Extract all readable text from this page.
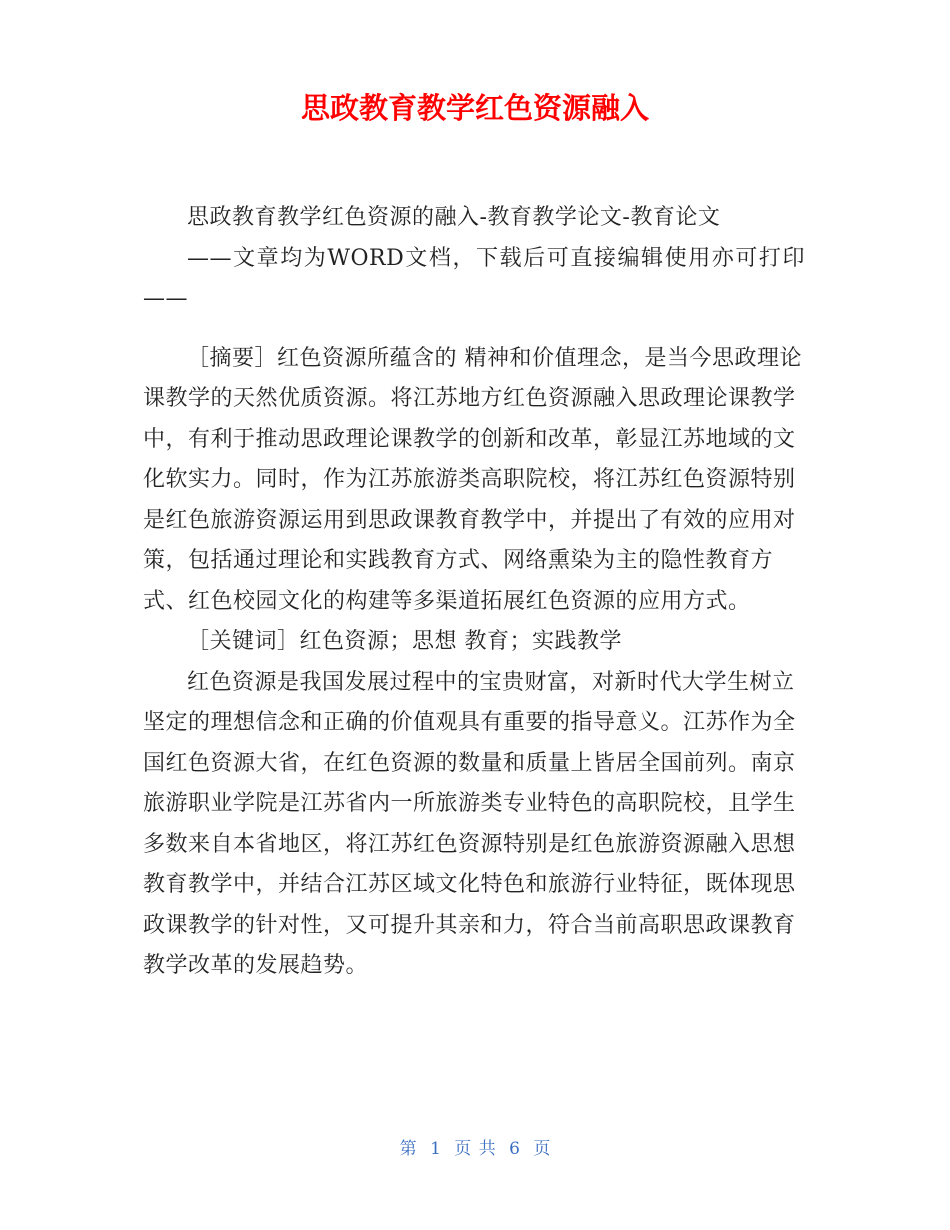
思政教育教学红色资源融入

思政教育教学红色资源的融入-教育教学论文-教育论文

——文章均为WORD文档，下载后可直接编辑使用亦可打印——

［摘要］红色资源所蕴含的 精神和价值理念，是当今思政理论课教学的天然优质资源。将江苏地方红色资源融入思政理论课教学中，有利于推动思政理论课教学的创新和改革，彰显江苏地域的文化软实力。同时，作为江苏旅游类高职院校，将江苏红色资源特别是红色旅游资源运用到思政课教育教学中，并提出了有效的应用对策，包括通过理论和实践教育方式、网络熏染为主的隐性教育方式、红色校园文化的构建等多渠道拓展红色资源的应用方式。

［关键词］红色资源；思想 教育；实践教学

红色资源是我国发展过程中的宝贵财富，对新时代大学生树立坚定的理想信念和正确的价值观具有重要的指导意义。江苏作为全国红色资源大省，在红色资源的数量和质量上皆居全国前列。南京旅游职业学院是江苏省内一所旅游类专业特色的高职院校，且学生多数来自本省地区，将江苏红色资源特别是红色旅游资源融入思想 教育教学中，并结合江苏区域文化特色和旅游行业特征，既体现思政课教学的针对性，又可提升其亲和力，符合当前高职思政课教育教学改革的发展趋势。

第 1 页 共 6 页
